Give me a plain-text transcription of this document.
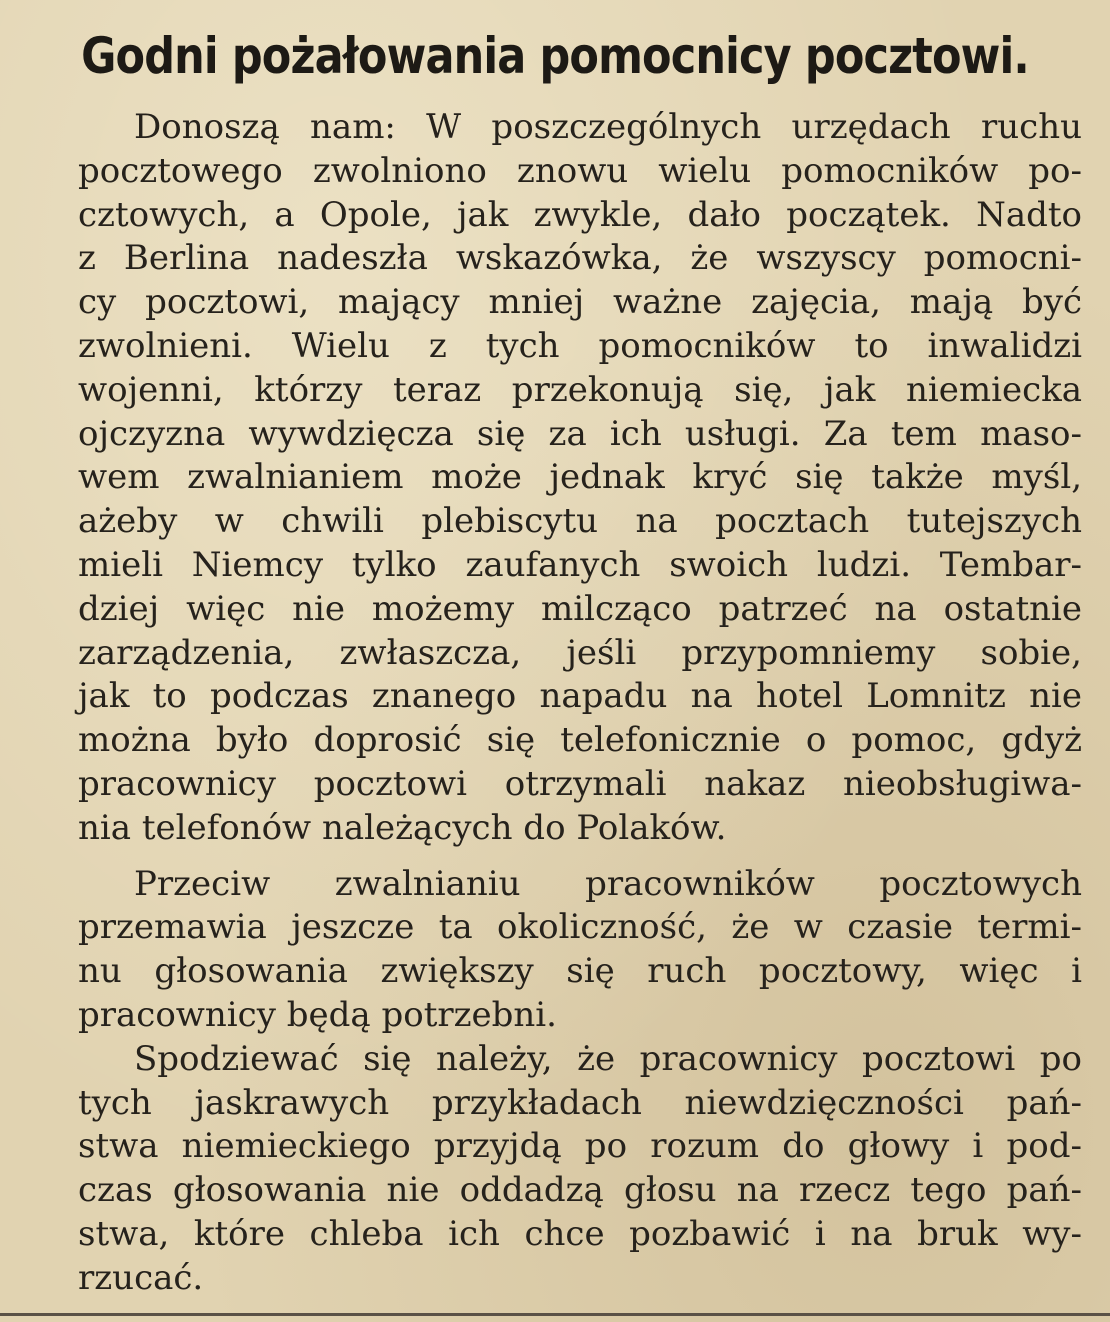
Godni pożałowania pomocnicy pocztowi.
Donoszą nam: W poszczególnych urzędach ruchu
pocztowego zwolniono znowu wielu pomocników po-
cztowych, a Opole, jak zwykle, dało początek. Nadto
z Berlina nadeszła wskazówka, że wszyscy pomocni-
cy pocztowi, mający mniej ważne zajęcia, mają być
zwolnieni. Wielu z tych pomocników to inwalidzi
wojenni, którzy teraz przekonują się, jak niemiecka
ojczyzna wywdzięcza się za ich usługi. Za tem maso-
wem zwalnianiem może jednak kryć się także myśl,
ażeby w chwili plebiscytu na pocztach tutejszych
mieli Niemcy tylko zaufanych swoich ludzi. Tembar-
dziej więc nie możemy milcząco patrzeć na ostatnie
zarządzenia, zwłaszcza, jeśli przypomniemy sobie,
jak to podczas znanego napadu na hotel Lomnitz nie
można było doprosić się telefonicznie o pomoc, gdyż
pracownicy pocztowi otrzymali nakaz nieobsługiwa-
nia telefonów należących do Polaków.
Przeciw zwalnianiu pracowników pocztowych
przemawia jeszcze ta okoliczność, że w czasie termi-
nu głosowania zwiększy się ruch pocztowy, więc i
pracownicy będą potrzebni.
Spodziewać się należy, że pracownicy pocztowi po
tych jaskrawych przykładach niewdzięczności pań-
stwa niemieckiego przyjdą po rozum do głowy i pod-
czas głosowania nie oddadzą głosu na rzecz tego pań-
stwa, które chleba ich chce pozbawić i na bruk wy-
rzucać.
